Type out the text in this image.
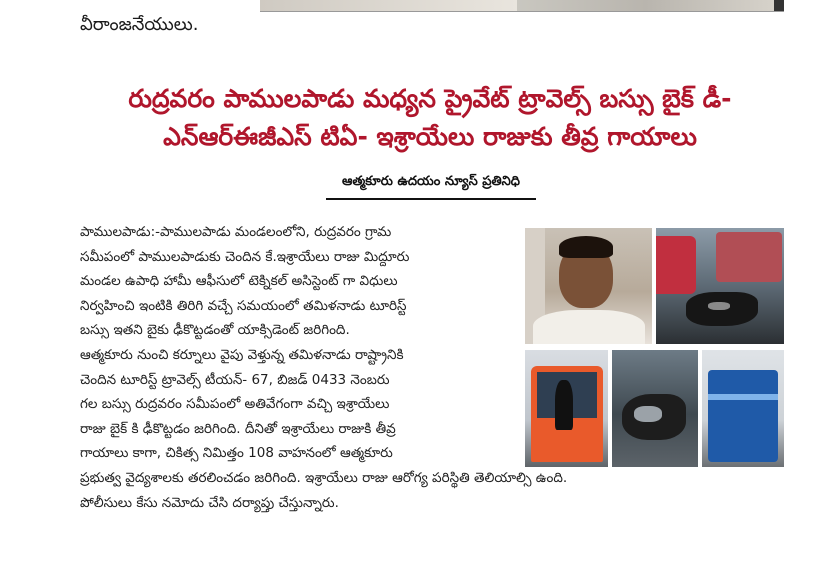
వీరాంజనేయులు.
రుద్రవరం పాములపాడు మధ్యన ప్రైవేట్ ట్రావెల్స్ బస్సు బైక్ డీ-
ఎన్ఆర్ఈజీఎస్ టిఏ- ఇశ్రాయేలు రాజుకు తీవ్ర గాయాలు
ఆత్మకూరు ఉదయం న్యూస్ ప్రతినిధి
పాములపాడు:-పాములపాడు మండలంలోని, రుద్రవరం గ్రామ
సమీపంలో పాములపాడుకు చెందిన కే.ఇశ్రాయేలు రాజు మిద్దూరు
మండల ఉపాధి హామీ ఆఫీసులో టెక్నికల్ అసిస్టెంట్ గా విధులు
నిర్వహించి ఇంటికి తిరిగి వచ్చే సమయంలో తమిళనాడు టూరిస్ట్
బస్సు ఇతని బైకు ఢీకొట్టడంతో యాక్సిడెంట్ జరిగింది.
ఆత్మకూరు నుంచి కర్నూలు వైపు వెళ్తున్న తమిళనాడు రాష్ట్రానికి
చెందిన టూరిస్ట్ ట్రావెల్స్ టీయన్- 67, బిజడ్ 0433 నెంబరు
గల బస్సు రుద్రవరం సమీపంలో అతివేగంగా వచ్చి ఇశ్రాయేలు
రాజు బైక్ కి ఢీకొట్టడం జరిగింది. దీనితో ఇశ్రాయేలు రాజుకి తీవ్ర
గాయాలు కాగా, చికిత్స నిమిత్తం 108 వాహనంలో ఆత్మకూరు
ప్రభుత్వ వైద్యశాలకు తరలించడం జరిగింది. ఇశ్రాయేలు రాజు ఆరోగ్య పరిస్థితి తెలియాల్సి ఉంది.
పోలీసులు కేసు నమోదు చేసి దర్యాప్తు చేస్తున్నారు.
